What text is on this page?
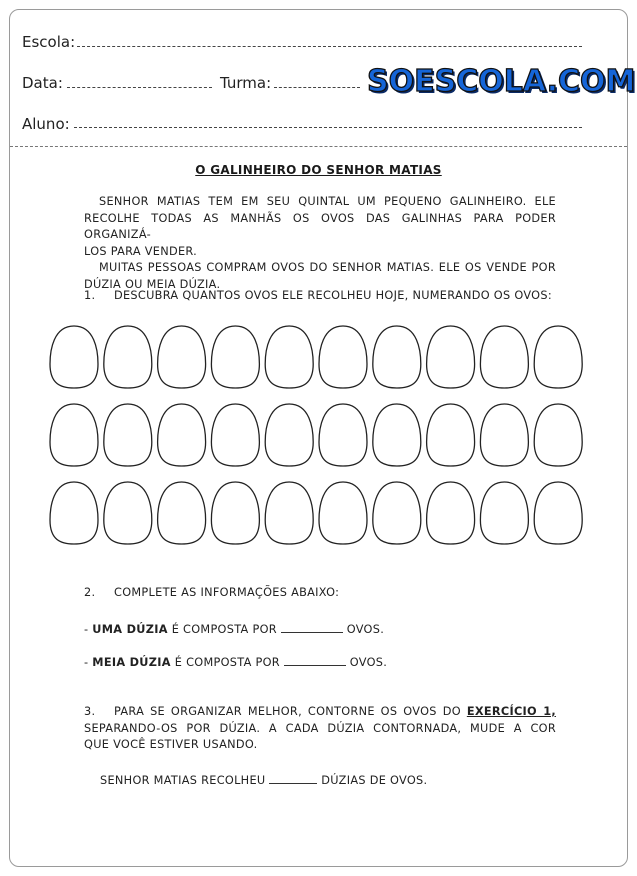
Escola:
Data:	Turma:	SOESCOLA.COM
Aluno:
O GALINHEIRO DO SENHOR MATIAS
SENHOR MATIAS TEM EM SEU QUINTAL UM PEQUENO GALINHEIRO. ELE
RECOLHE TODAS AS MANHÃS OS OVOS DAS GALINHAS PARA PODER ORGANIZÁ-
LOS PARA VENDER.
MUITAS PESSOAS COMPRAM OVOS DO SENHOR MATIAS. ELE OS VENDE POR
DÚZIA OU MEIA DÚZIA.
1. DESCUBRA QUANTOS OVOS ELE RECOLHEU HOJE, NUMERANDO OS OVOS:
2. COMPLETE AS INFORMAÇÕES ABAIXO:
- UMA DÚZIA É COMPOSTA POR	OVOS.
- MEIA DÚZIA É COMPOSTA POR	OVOS.
3. PARA SE ORGANIZAR MELHOR, CONTORNE OS OVOS DO EXERCÍCIO 1,
SEPARANDO-OS POR DÚZIA. A CADA DÚZIA CONTORNADA, MUDE A COR
QUE VOCÊ ESTIVER USANDO.
SENHOR MATIAS RECOLHEU	DÚZIAS DE OVOS.
